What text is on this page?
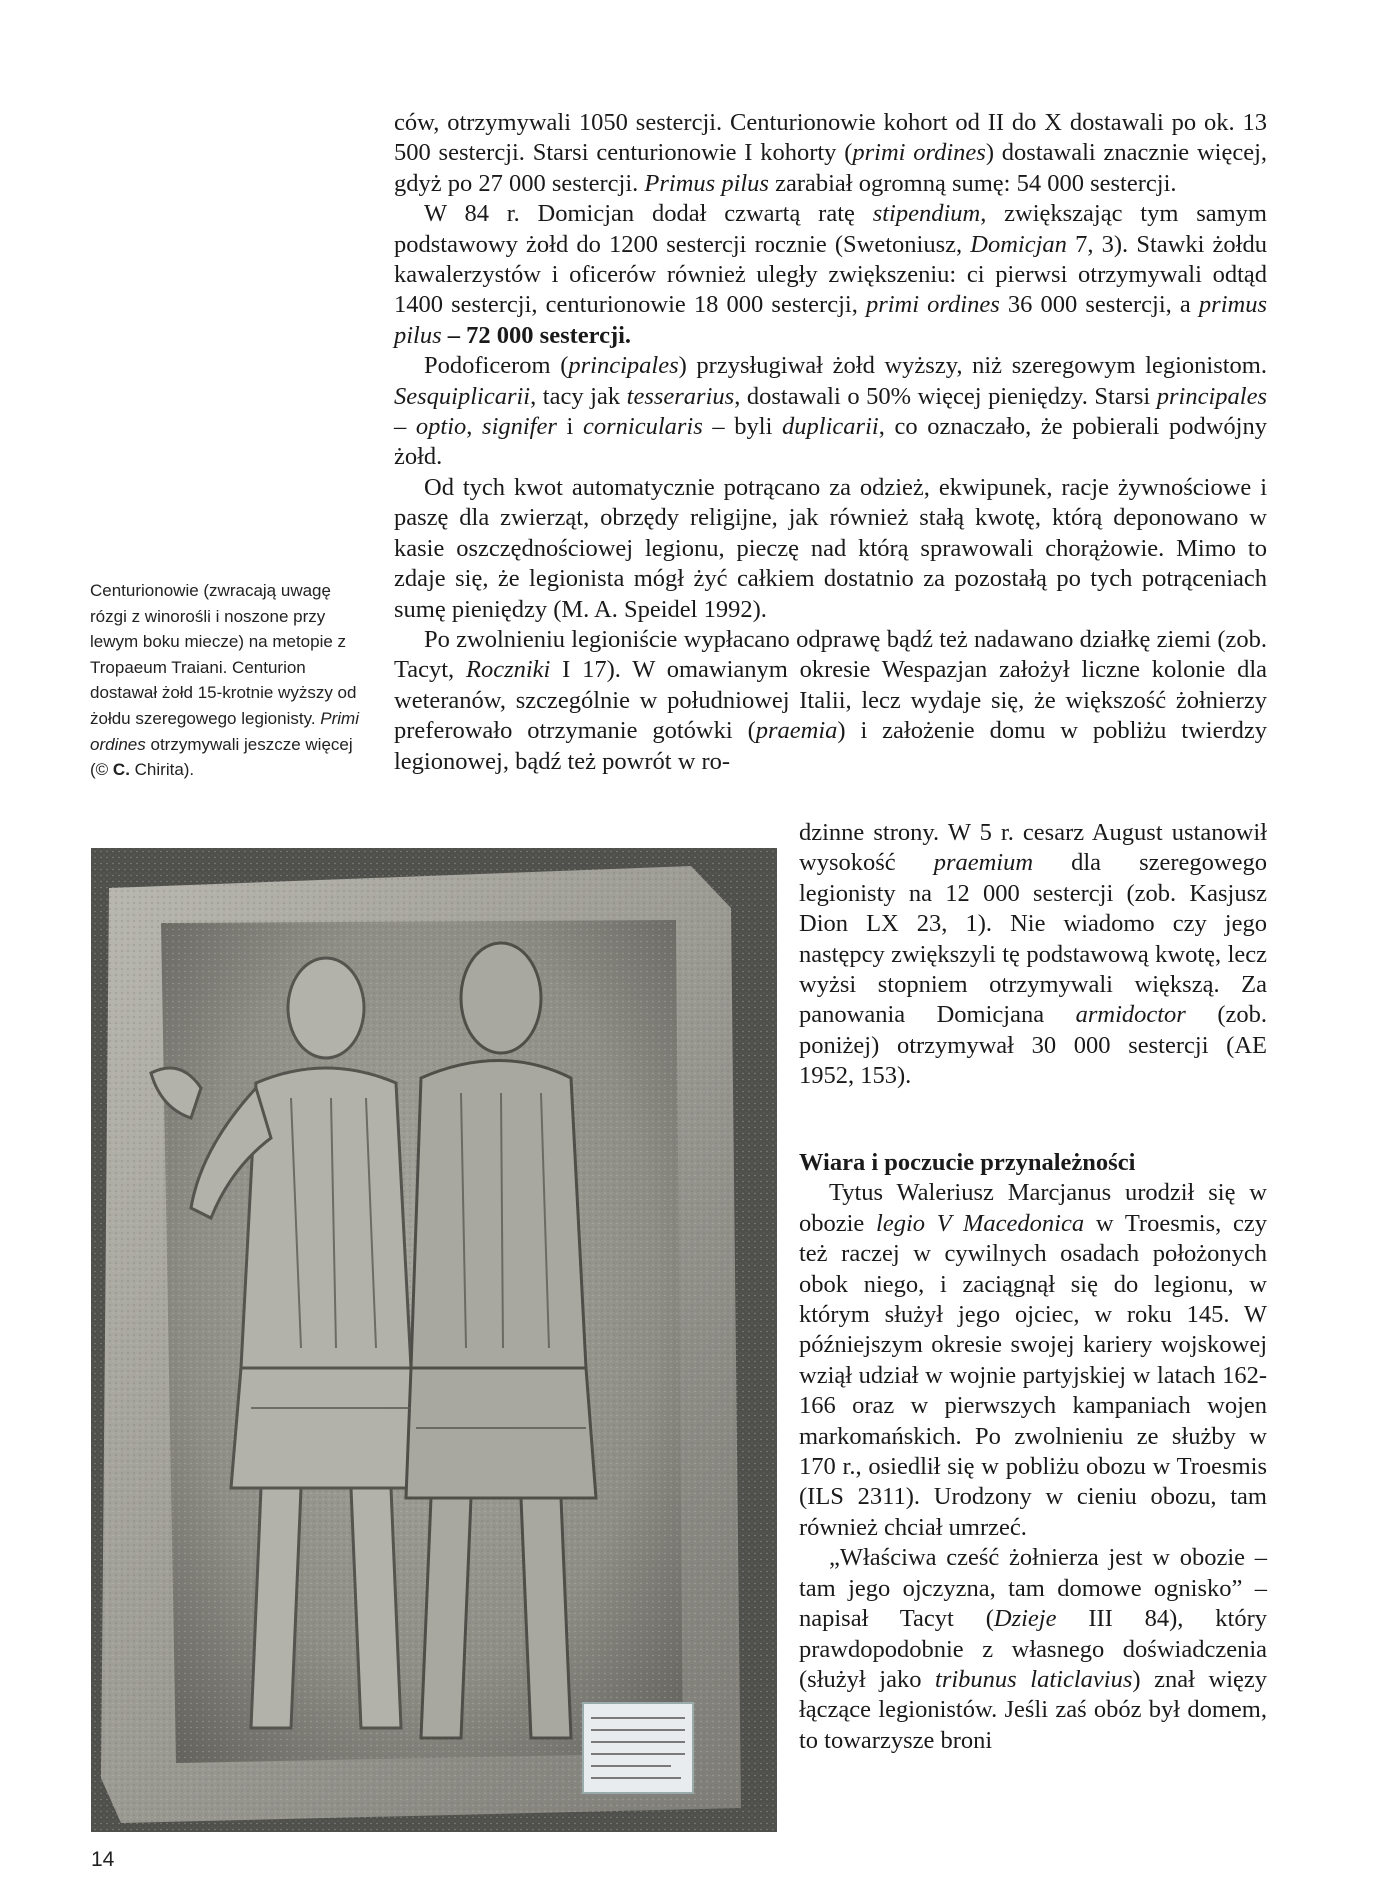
ców, otrzymywali 1050 sestercji. Centurionowie kohort od II do X dostawali po ok. 13 500 sestercji. Starsi centurionowie I kohorty (primi ordines) dostawali znacznie więcej, gdyż po 27 000 sestercji. Primus pilus zarabiał ogromną sumę: 54 000 sestercji.

W 84 r. Domicjan dodał czwartą ratę stipendium, zwiększając tym samym podstawowy żołd do 1200 sestercji rocznie (Swetoniusz, Domicjan 7, 3). Stawki żołdu kawalerzystów i oficerów również uległy zwiększeniu: ci pierwsi otrzymywali odtąd 1400 sestercji, centurionowie 18 000 sestercji, primi ordines 36 000 sestercji, a primus pilus – 72 000 sestercji.

Podoficerom (principales) przysługiwał żołd wyższy, niż szeregowym legionistom. Sesquiplicarii, tacy jak tesserarius, dostawali o 50% więcej pieniędzy. Starsi principales – optio, signifer i cornicularis – byli duplicarii, co oznaczało, że pobierali podwójny żołd.

Od tych kwot automatycznie potrącano za odzież, ekwipunek, racje żywnościowe i paszę dla zwierząt, obrzędy religijne, jak również stałą kwotę, którą deponowano w kasie oszczędnościowej legionu, pieczę nad którą sprawowali chorążowie. Mimo to zdaje się, że legionista mógł żyć całkiem dostatnio za pozostałą po tych potrąceniach sumę pieniędzy (M. A. Speidel 1992).

Po zwolnieniu legioniście wypłacano odprawę bądź też nadawano działkę ziemi (zob. Tacyt, Roczniki I 17). W omawianym okresie Wespazjan założył liczne kolonie dla weteranów, szczególnie w południowej Italii, lecz wydaje się, że większość żołnierzy preferowało otrzymanie gotówki (praemia) i założenie domu w pobliżu twierdzy legionowej, bądź też powrót w ro-

dzinne strony. W 5 r. cesarz August ustanowił wysokość praemium dla szeregowego legionisty na 12 000 sestercji (zob. Kasjusz Dion LX 23, 1). Nie wiadomo czy jego następcy zwiększyli tę podstawową kwotę, lecz wyżsi stopniem otrzymywali większą. Za panowania Domicjana armidoctor (zob. poniżej) otrzymywał 30 000 sestercji (AE 1952, 153).

Wiara i poczucie przynależności

Tytus Waleriusz Marcjanus urodził się w obozie legio V Macedonica w Troesmis, czy też raczej w cywilnych osadach położonych obok niego, i zaciągnął się do legionu, w którym służył jego ojciec, w roku 145. W późniejszym okresie swojej kariery wojskowej wziął udział w wojnie partyjskiej w latach 162-166 oraz w pierwszych kampaniach wojen markomańskich. Po zwolnieniu ze służby w 170 r., osiedlił się w pobliżu obozu w Troesmis (ILS 2311). Urodzony w cieniu obozu, tam również chciał umrzeć.

„Właściwa cześć żołnierza jest w obozie – tam jego ojczyzna, tam domowe ognisko” – napisał Tacyt (Dzieje III 84), który prawdopodobnie z własnego doświadczenia (służył jako tribunus laticlavius) znał więzy łączące legionistów. Jeśli zaś obóz był domem, to towarzysze broni

Centurionowie (zwracają uwagę rózgi z winorośli i noszone przy lewym boku miecze) na metopie z Tropaeum Traiani. Centurion dostawał żołd 15-krotnie wyższy od żołdu szeregowego legionisty. Primi ordines otrzymywali jeszcze więcej (© C. Chirita).
14
